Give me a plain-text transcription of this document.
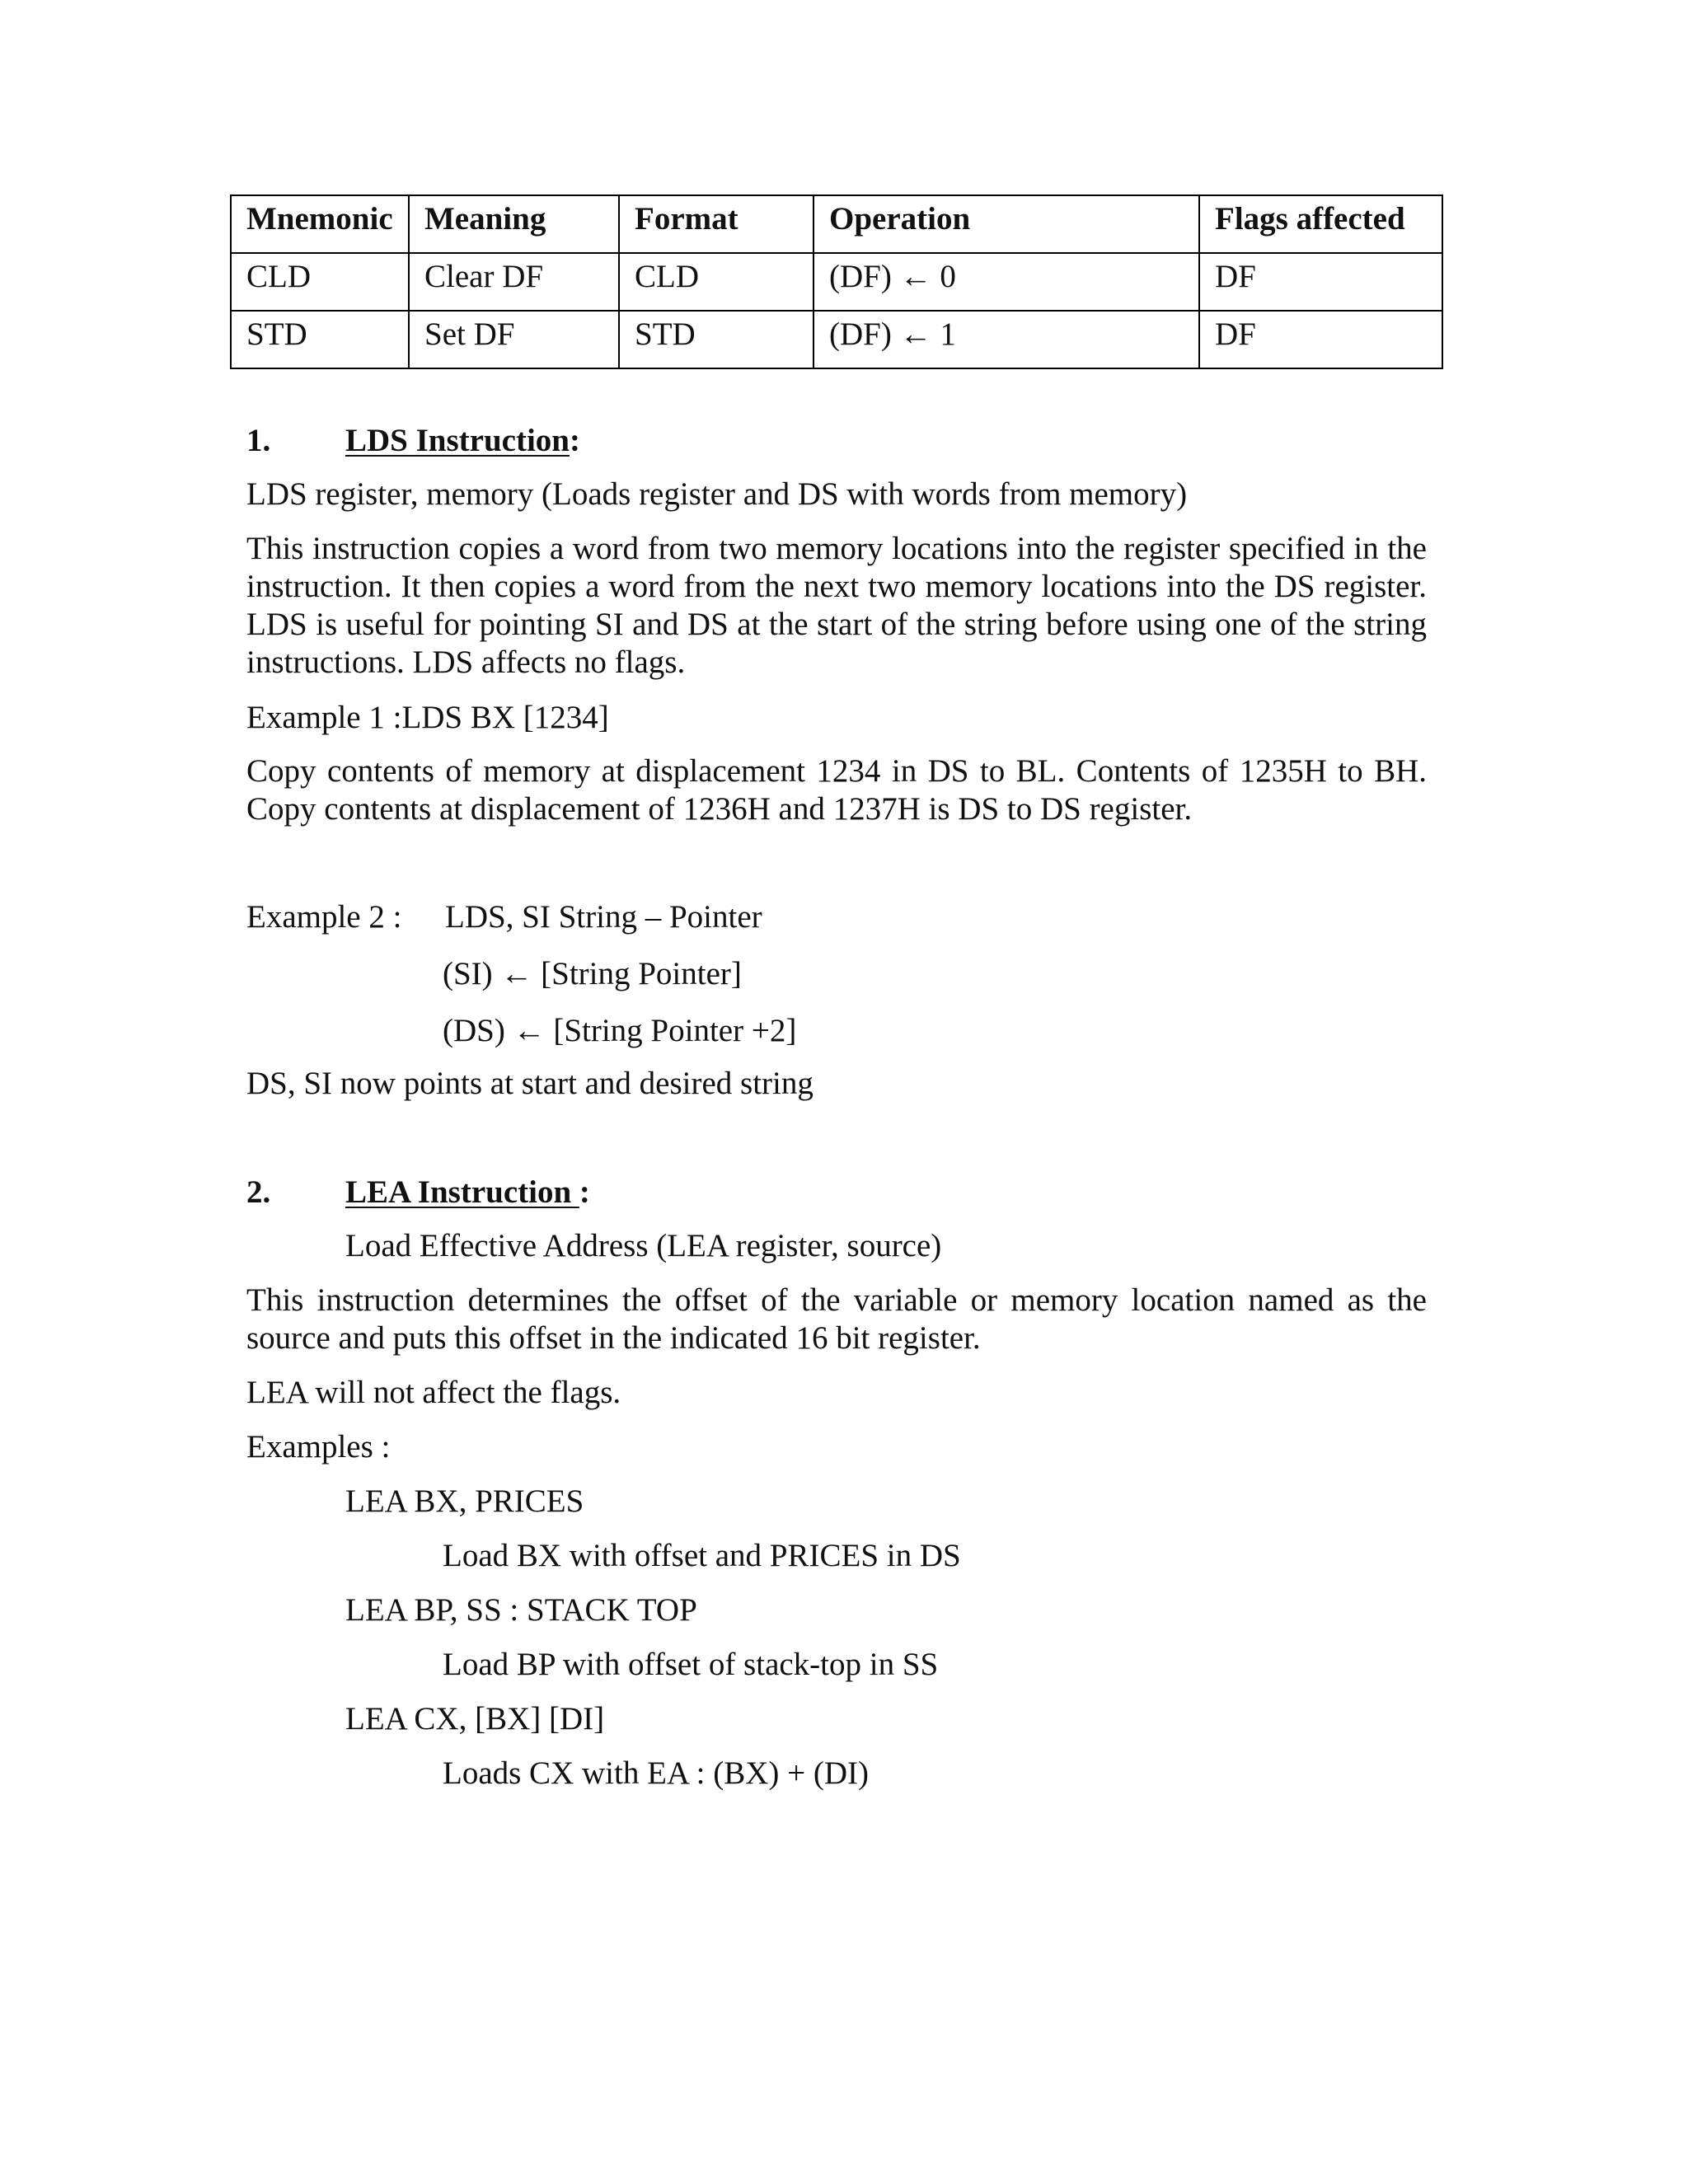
Mnemonic	Meaning	Format	Operation	Flags affected
CLD	Clear DF	CLD	(DF) ← 0	DF
STD	Set DF	STD	(DF) ← 1	DF
1. LDS Instruction:
LDS register, memory (Loads register and DS with words from memory)
This instruction copies a word from two memory locations into the register specified in the instruction. It then copies a word from the next two memory locations into the DS register. LDS is useful for pointing SI and DS at the start of the string before using one of the string instructions. LDS affects no flags.
Example 1 :LDS BX [1234]
Copy contents of memory at displacement 1234 in DS to BL. Contents of 1235H to BH. Copy contents at displacement of 1236H and 1237H is DS to DS register.
Example 2 : LDS, SI String – Pointer
(SI) ← [String Pointer]
(DS) ← [String Pointer +2]
DS, SI now points at start and desired string
2. LEA Instruction :
Load Effective Address (LEA register, source)
This instruction determines the offset of the variable or memory location named as the source and puts this offset in the indicated 16 bit register.
LEA will not affect the flags.
Examples :
LEA BX, PRICES
Load BX with offset and PRICES in DS
LEA BP, SS : STACK TOP
Load BP with offset of stack-top in SS
LEA CX, [BX] [DI]
Loads CX with EA : (BX) + (DI)
